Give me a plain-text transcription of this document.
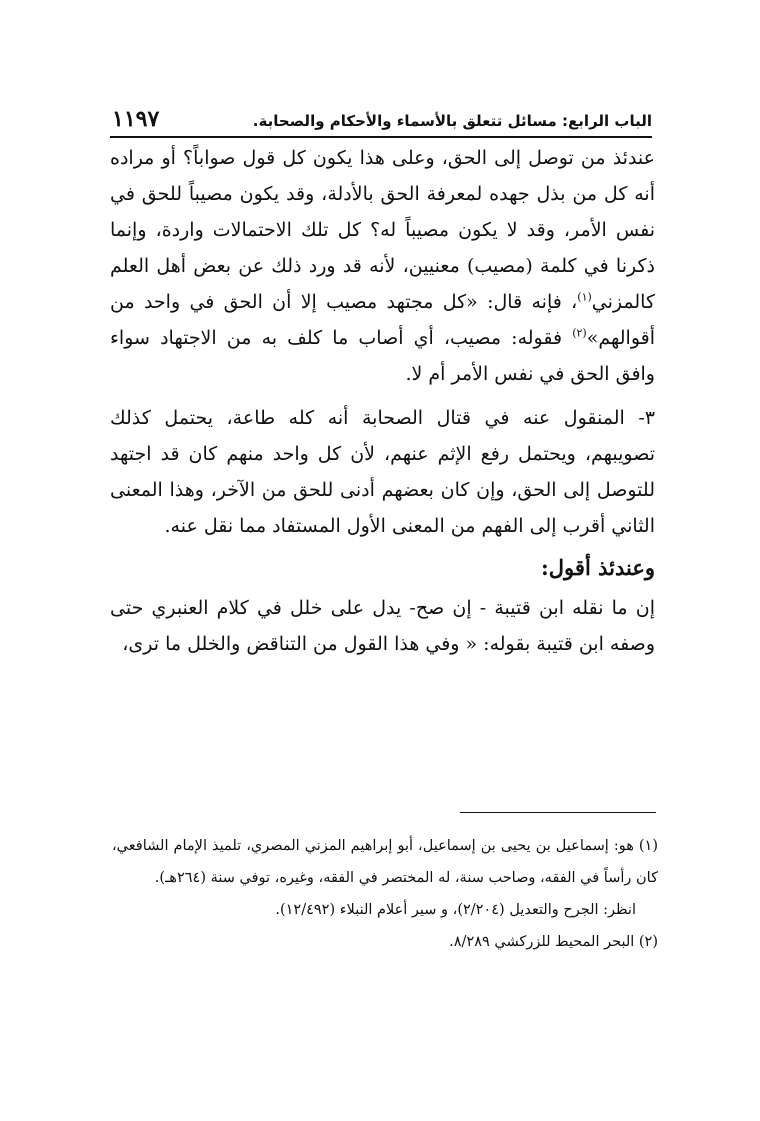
الباب الرابع: مسائل تتعلق بالأسماء والأحكام والصحابة.
١١٩٧

عندئذ من توصل إلى الحق، وعلى هذا يكون كل قول صواباً؟ أو مراده أنه كل من بذل جهده لمعرفة الحق بالأدلة، وقد يكون مصيباً للحق في نفس الأمر، وقد لا يكون مصيباً له؟ كل تلك الاحتمالات واردة، وإنما ذكرنا في كلمة (مصيب) معنيين، لأنه قد ورد ذلك عن بعض أهل العلم كالمزني$^{(١)}$، فإنه قال: «كل مجتهد مصيب إلا أن الحق في واحد من أقوالهم»$^{(٢)}$ فقوله: مصيب، أي أصاب ما كلف به من الاجتهاد سواء وافق الحق في نفس الأمر أم لا.

٣- المنقول عنه في قتال الصحابة أنه كله طاعة، يحتمل كذلك تصويبهم، ويحتمل رفع الإثم عنهم، لأن كل واحد منهم كان قد اجتهد للتوصل إلى الحق، وإن كان بعضهم أدنى للحق من الآخر، وهذا المعنى الثاني أقرب إلى الفهم من المعنى الأول المستفاد مما نقل عنه.

وعندئذ أقول:

إن ما نقله ابن قتيبة - إن صح- يدل على خلل في كلام العنبري حتى وصفه ابن قتيبة بقوله: « وفي هذا القول من التناقض والخلل ما ترى،

(١) هو: إسماعيل بن يحيى بن إسماعيل، أبو إبراهيم المزني المصري، تلميذ الإمام الشافعي، كان رأساً في الفقه، وصاحب سنة، له المختصر في الفقه، وغيره، توفي سنة (٢٦٤هـ).

انظر: الجرح والتعديل (٢/٢٠٤)، و سير أعلام النبلاء (١٢/٤٩٢).

(٢) البحر المحيط للزركشي ٨/٢٨٩.
